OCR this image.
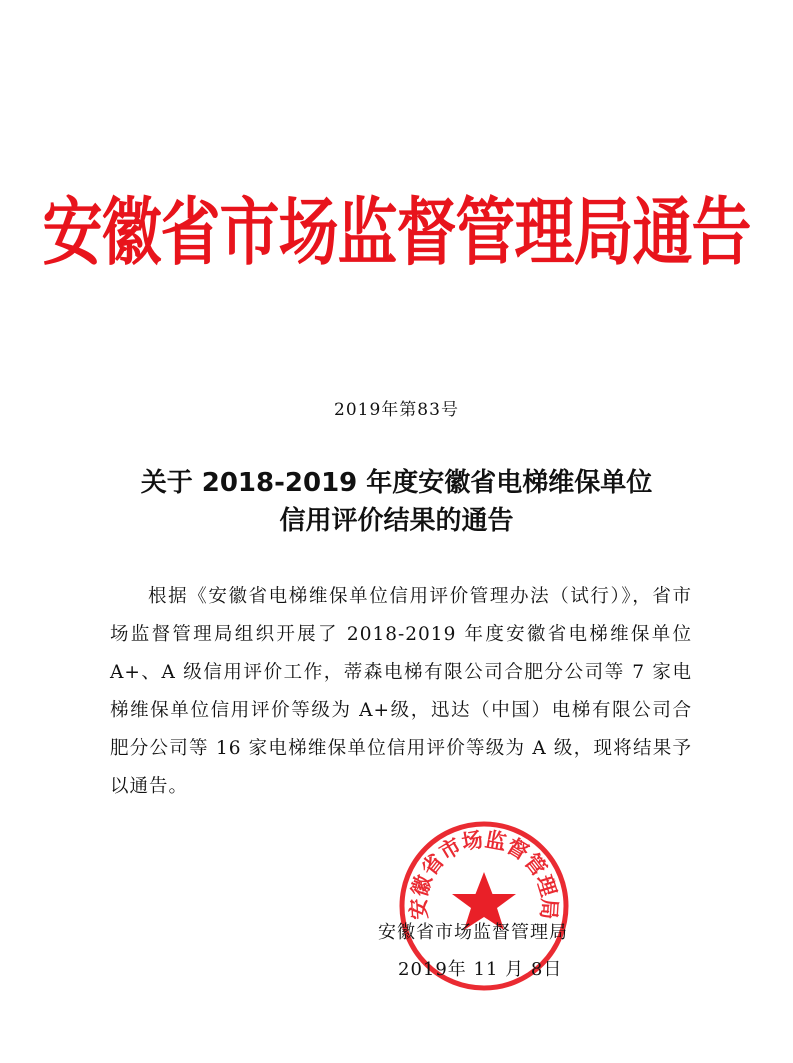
安徽省市场监督管理局通告
2019年第83号
关于 2018-2019 年度安徽省电梯维保单位
信用评价结果的通告
根据《安徽省电梯维保单位信用评价管理办法（试行）》，省市场监督管理局组织开展了 2018-2019 年度安徽省电梯维保单位 A+、A 级信用评价工作，蒂森电梯有限公司合肥分公司等 7 家电梯维保单位信用评价等级为 A+级，迅达（中国）电梯有限公司合肥分公司等 16 家电梯维保单位信用评价等级为 A 级，现将结果予以通告。
安徽省市场监督管理局
安徽省市场监督管理局
2019年 11 月 8日
